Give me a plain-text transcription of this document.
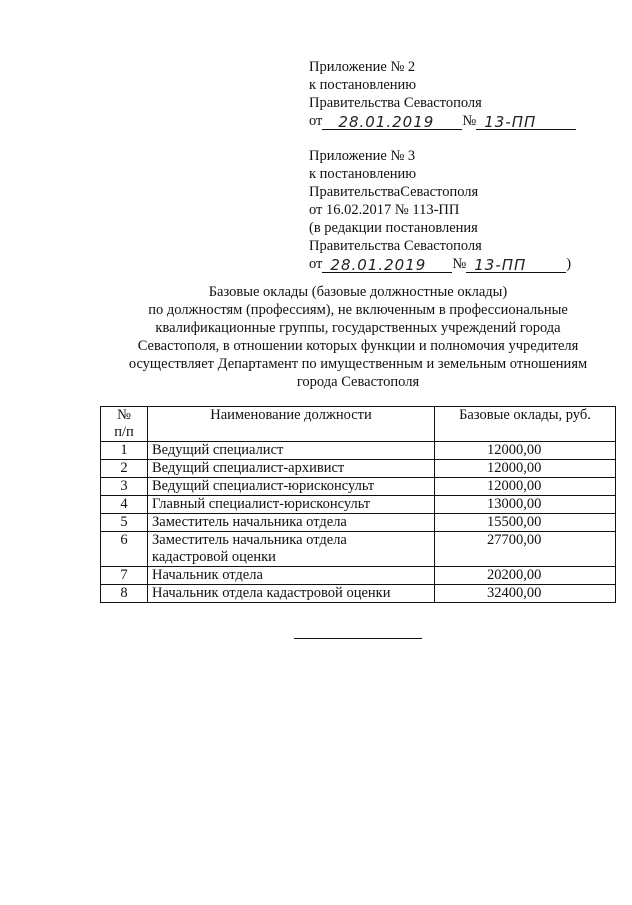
Приложение № 2
к постановлению
Правительства Севастополя
от 28.01.2019 № 13-ПП
Приложение № 3
к постановлению
ПравительстваСевастополя
от 16.02.2017 № 113-ПП
(в редакции постановления
Правительства Севастополя
от 28.01.2019 № 13-ПП	)
Базовые оклады (базовые должностные оклады)
по должностям (профессиям), не включенным в профессиональные
квалификационные группы, государственных учреждений города
Севастополя, в отношении которых функции и полномочия учредителя
осуществляет Департамент по имущественным и земельным отношениям
города Севастополя
№
п/п	Наименование должности	Базовые оклады, руб.
1	Ведущий специалист	12000,00
2	Ведущий специалист-архивист	12000,00
3	Ведущий специалист-юрисконсульт	12000,00
4	Главный специалист-юрисконсульт	13000,00
5	Заместитель начальника отдела	15500,00
6	Заместитель начальника отдела
кадастровой оценки	27700,00
7	Начальник отдела	20200,00
8	Начальник отдела кадастровой оценки	32400,00
